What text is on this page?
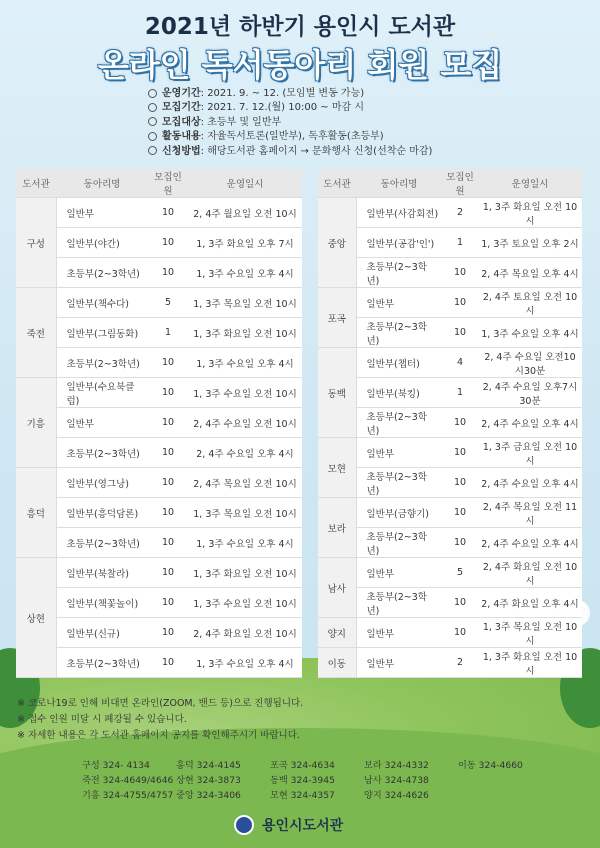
2021년 하반기 용인시 도서관
온라인 독서동아리 회원 모집
운영기간: 2021. 9. ~ 12. (모임별 변동 가능)
모집기간: 2021. 7. 12.(월) 10:00 ~ 마감 시
모집대상: 초등부 및 일반부
활동내용: 자율독서토론(일반부), 독후활동(초등부)
신청방법: 해당도서관 홈페이지 → 문화행사 신청(선착순 마감)
도서관	동아리명	모집인원	운영일시
구성	일반부	10	2, 4주 월요일 오전 10시
	일반부(야간)	10	1, 3주 화요일 오후 7시
	초등부(2~3학년)	10	1, 3주 수요일 오후 4시
죽전	일반부(책수다)	5	1, 3주 목요일 오전 10시
	일반부(그림동화)	1	1, 3주 화요일 오전 10시
	초등부(2~3학년)	10	1, 3주 수요일 오후 4시
기흥	일반부(수요북클럽)	10	1, 3주 수요일 오전 10시
	일반부	10	2, 4주 수요일 오전 10시
	초등부(2~3학년)	10	2, 4주 수요일 오후 4시
흥덕	일반부(영그낭)	10	2, 4주 목요일 오전 10시
	일반부(흥덕담론)	10	1, 3주 목요일 오전 10시
	초등부(2~3학년)	10	1, 3주 수요일 오후 4시
상현	일반부(북찰라)	10	1, 3주 화요일 오전 10시
	일반부(책꽃놀이)	10	1, 3주 수요일 오전 10시
	일반부(신규)	10	2, 4주 화요일 오전 10시
	초등부(2~3학년)	10	1, 3주 수요일 오후 4시
도서관	동아리명	모집인원	운영일시
중앙	일반부(사감회전)	2	1, 3주 화요일 오전 10시
	일반부(공감'인')	1	1, 3주 토요일 오후 2시
	초등부(2~3학년)	10	2, 4주 목요일 오후 4시
포곡	일반부	10	2, 4주 토요일 오전 10시
	초등부(2~3학년)	10	1, 3주 수요일 오후 4시
동백	일반부(챕터)	4	2, 4주 수요일 오전10시30분
	일반부(북킹)	1	2, 4주 수요일 오후7시30분
	초등부(2~3학년)	10	2, 4주 수요일 오후 4시
모현	일반부	10	1, 3주 금요일 오전 10시
	초등부(2~3학년)	10	2, 4주 수요일 오후 4시
보라	일반부(금향기)	10	2, 4주 목요일 오전 11시
	초등부(2~3학년)	10	2, 4주 수요일 오후 4시
남사	일반부	5	2, 4주 화요일 오전 10시
	초등부(2~3학년)	10	2, 4주 화요일 오후 4시
양지	일반부	10	1, 3주 목요일 오전 10시
이동	일반부	2	1, 3주 화요일 오전 10시
※ 코로나19로 인해 비대면 온라인(ZOOM, 밴드 등)으로 진행됩니다.
※ 접수 인원 미달 시 폐강될 수 있습니다.
※ 자세한 내용은 각 도서관 홈페이지 공지를 확인해주시기 바랍니다.
구성 324- 4134	흥덕 324-4145	포곡 324-4634	보라 324-4332	이동 324-4660
죽전 324-4649/4646 상현 324-3873	동백 324-3945	남사 324-4738
기흥 324-4755/4757 중앙 324-3406	모현 324-4357	양지 324-4626
용인시도서관
